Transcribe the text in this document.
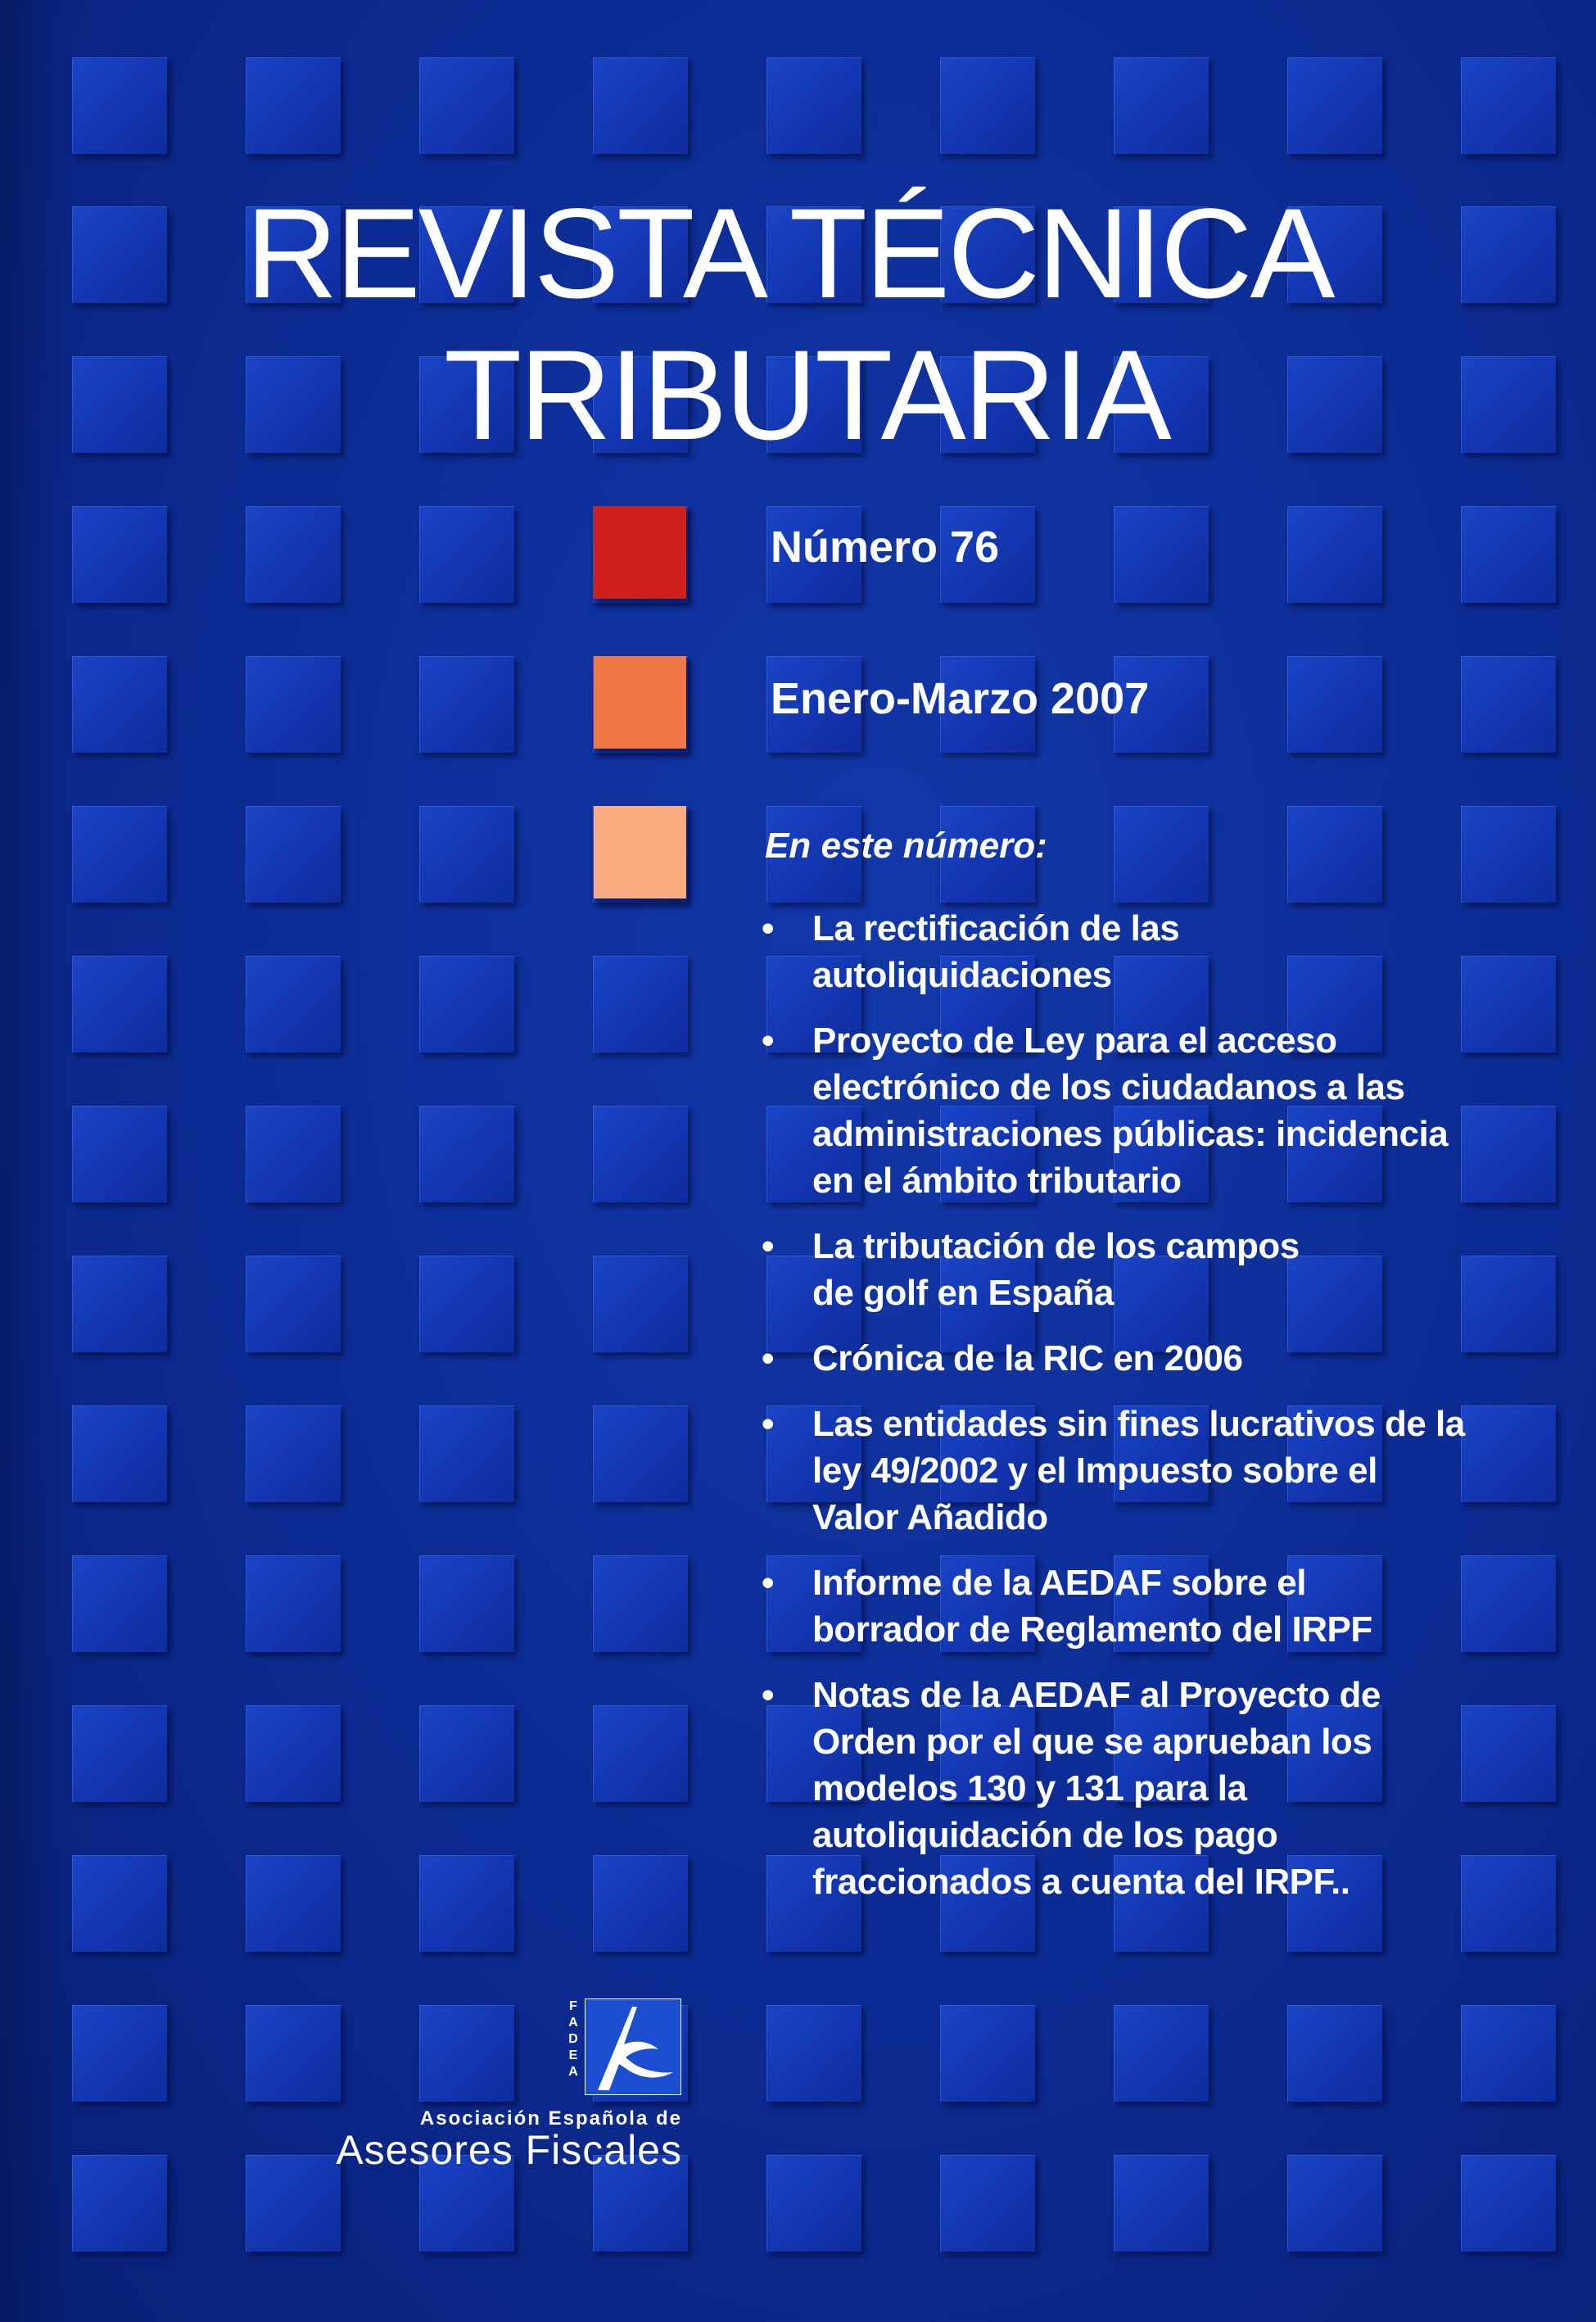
REVISTA TÉCNICA
TRIBUTARIA
Número 76
Enero-Marzo 2007
En este número:
• La rectificación de las
autoliquidaciones
• Proyecto de Ley para el acceso
electrónico de los ciudadanos a las
administraciones públicas: incidencia
en el ámbito tributario
• La tributación de los campos
de golf en España
• Crónica de la RIC en 2006
• Las entidades sin fines lucrativos de la
ley 49/2002 y el Impuesto sobre el
Valor Añadido
• Informe de la AEDAF sobre el
borrador de Reglamento del IRPF
• Notas de la AEDAF al Proyecto de
Orden por el que se aprueban los
modelos 130 y 131 para la
autoliquidación de los pago
fraccionados a cuenta del IRPF..
F
A
D
E
A
Asociación Española de
Asesores Fiscales
